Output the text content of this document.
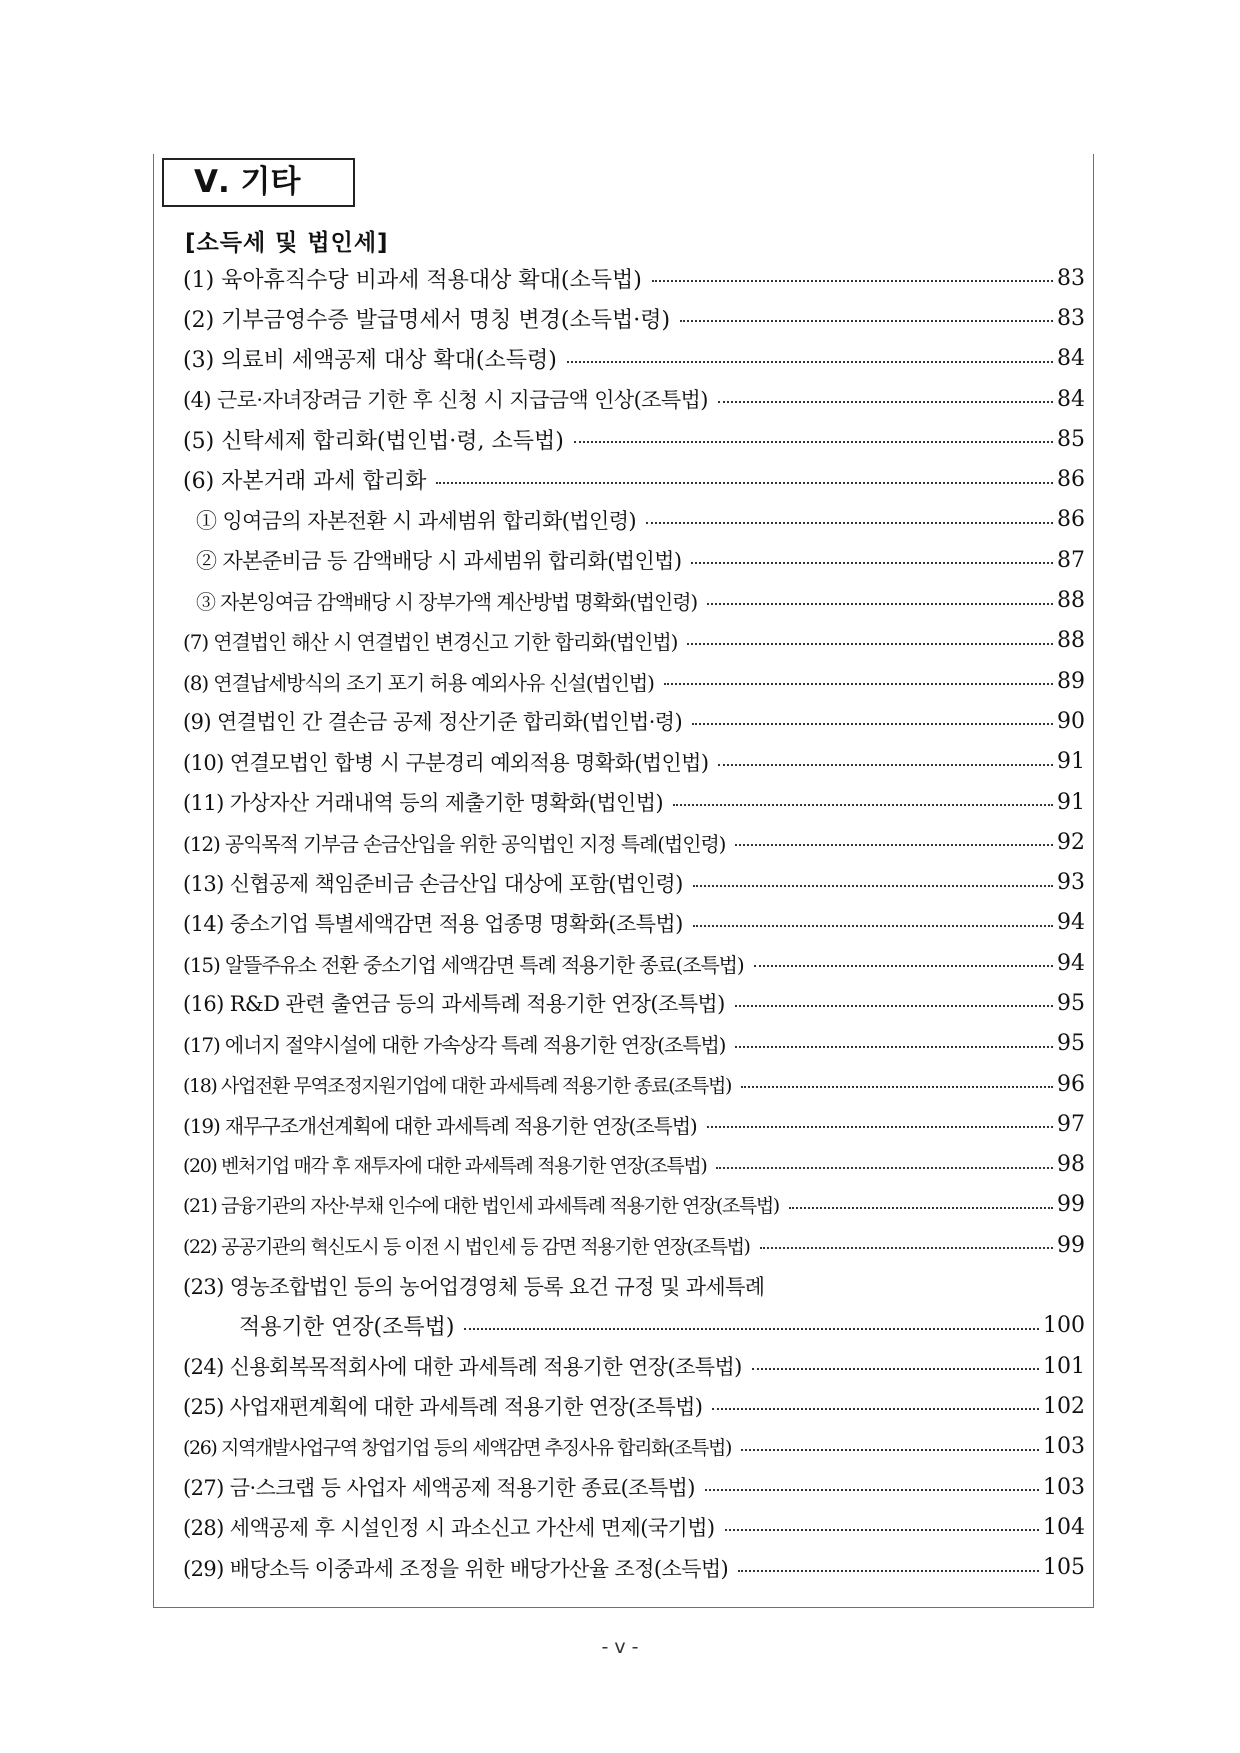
Ⅴ. 기타
[소득세 및 법인세]
(1) 육아휴직수당 비과세 적용대상 확대(소득법)	83
(2) 기부금영수증 발급명세서 명칭 변경(소득법·령)	83
(3) 의료비 세액공제 대상 확대(소득령)	84
(4) 근로·자녀장려금 기한 후 신청 시 지급금액 인상(조특법)	84
(5) 신탁세제 합리화(법인법·령, 소득법)	85
(6) 자본거래 과세 합리화	86
① 잉여금의 자본전환 시 과세범위 합리화(법인령)	86
② 자본준비금 등 감액배당 시 과세범위 합리화(법인법)	87
③ 자본잉여금 감액배당 시 장부가액 계산방법 명확화(법인령)	88
(7) 연결법인 해산 시 연결법인 변경신고 기한 합리화(법인법)	88
(8) 연결납세방식의 조기 포기 허용 예외사유 신설(법인법)	89
(9) 연결법인 간 결손금 공제 정산기준 합리화(법인법·령)	90
(10) 연결모법인 합병 시 구분경리 예외적용 명확화(법인법)	91
(11) 가상자산 거래내역 등의 제출기한 명확화(법인법)	91
(12) 공익목적 기부금 손금산입을 위한 공익법인 지정 특례(법인령)	92
(13) 신협공제 책임준비금 손금산입 대상에 포함(법인령)	93
(14) 중소기업 특별세액감면 적용 업종명 명확화(조특법)	94
(15) 알뜰주유소 전환 중소기업 세액감면 특례 적용기한 종료(조특법)	94
(16) R&D 관련 출연금 등의 과세특례 적용기한 연장(조특법)	95
(17) 에너지 절약시설에 대한 가속상각 특례 적용기한 연장(조특법)	95
(18) 사업전환 무역조정지원기업에 대한 과세특례 적용기한 종료(조특법)	96
(19) 재무구조개선계획에 대한 과세특례 적용기한 연장(조특법)	97
(20) 벤처기업 매각 후 재투자에 대한 과세특례 적용기한 연장(조특법)	98
(21) 금융기관의 자산·부채 인수에 대한 법인세 과세특례 적용기한 연장(조특법)	99
(22) 공공기관의 혁신도시 등 이전 시 법인세 등 감면 적용기한 연장(조특법)	99
(23) 영농조합법인 등의 농어업경영체 등록 요건 규정 및 과세특례
적용기한 연장(조특법)	100
(24) 신용회복목적회사에 대한 과세특례 적용기한 연장(조특법)	101
(25) 사업재편계획에 대한 과세특례 적용기한 연장(조특법)	102
(26) 지역개발사업구역 창업기업 등의 세액감면 추징사유 합리화(조특법)	103
(27) 금·스크랩 등 사업자 세액공제 적용기한 종료(조특법)	103
(28) 세액공제 후 시설인정 시 과소신고 가산세 면제(국기법)	104
(29) 배당소득 이중과세 조정을 위한 배당가산율 조정(소득법)	105
- v -
